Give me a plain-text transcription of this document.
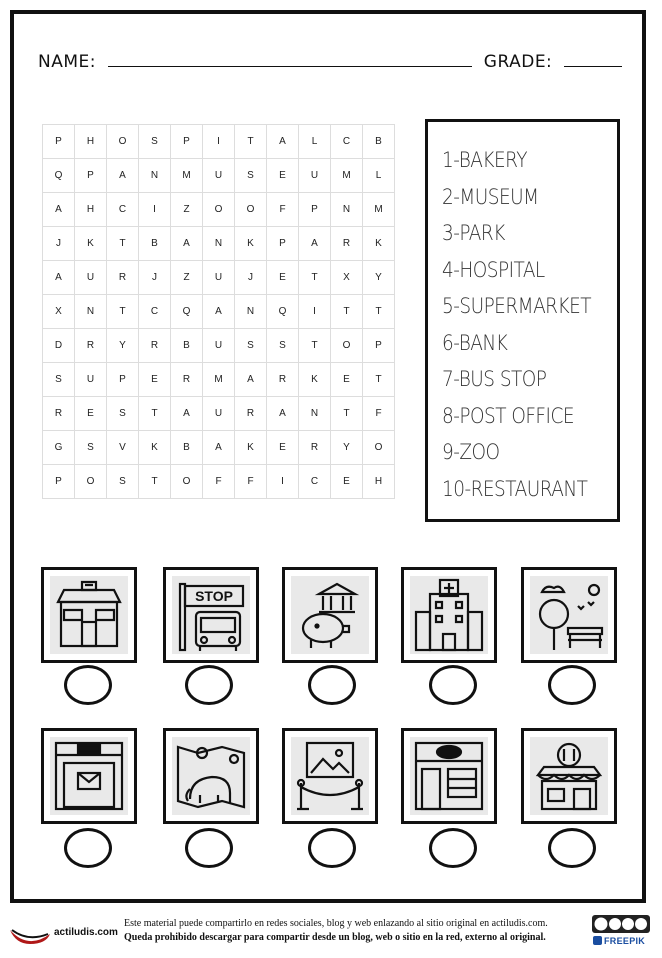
NAME:	GRADE:
P	H	O	S	P	I	T	A	L	C	B
Q	P	A	N	M	U	S	E	U	M	L
A	H	C	I	Z	O	O	F	P	N	M
J	K	T	B	A	N	K	P	A	R	K
A	U	R	J	Z	U	J	E	T	X	Y
X	N	T	C	Q	A	N	Q	I	T	T
D	R	Y	R	B	U	S	S	T	O	P
S	U	P	E	R	M	A	R	K	E	T
R	E	S	T	A	U	R	A	N	T	F
G	S	V	K	B	A	K	E	R	Y	O
P	O	S	T	O	F	F	I	C	E	H
1-BAKERY
2-MUSEUM
3-PARK
4-HOSPITAL
5-SUPERMARKET
6-BANK
7-BUS STOP
8-POST OFFICE
9-ZOO
10-RESTAURANT
STOP
actiludis.com
Este material puede compartirlo en redes sociales, blog y web enlazando al sitio original en actiludis.com.
Queda prohibido descargar para compartir desde un blog, web o sitio en la red, externo al original.	FREEPIK
